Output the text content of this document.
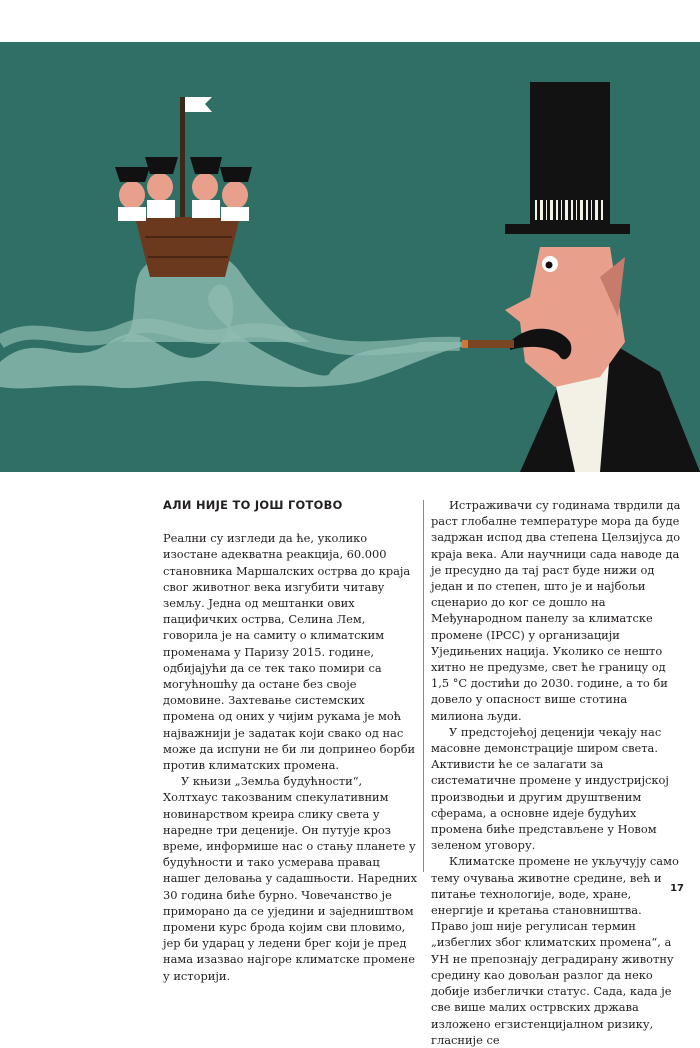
АЛИ НИЈЕ ТО ЈОШ ГОТОВО

Реални су изгледи да ће, уколико изостане адекватна реакција, 60.000 становника Маршалских острва до краја свог животног века изгубити читаву земљу. Једна од мештанки ових пацифичких острва, Селина Лем, говорила је на самиту о климатским променама у Паризу 2015. године, одбијајући да се тек тако помири са могућношћу да остане без своје домовине. Захтевање системских промена од оних у чијим рукама је моћ најважнији је задатак који свако од нас може да испуни не би ли допринео борби против климатских промена.

У књизи „Земља будућности“, Холтхаус такозваним спекулативним новинарством креира слику света у наредне три деценије. Он путује кроз време, информише нас о стању планете у будућности и тако усмерава правац нашег деловања у садашњости. Наредних 30 година биће бурно. Човечанство је приморано да се уједини и заједништвом промени курс брода којим сви пловимо, јер би ударац у ледени брег који је пред нама изазвао најгоре климатске промене у историји.

Истраживачи су годинама тврдили да раст глобалне температуре мора да буде задржан испод два степена Целзијуса до краја века. Али научници сада наводе да је пресудно да тај раст буде нижи од један и по степен, што је и најбољи сценарио до ког се дошло на Међународном панелу за климатске промене (IPCC) у организацији Уједињених нација. Уколико се нешто хитно не предузме, свет ће границу од 1,5 °С достићи до 2030. године, а то би довело у опасност више стотина милиона људи.

У предстојећој деценији чекају нас масовне демонстрације широм света. Активисти ће се залагати за систематичне промене у индустријској производњи и другим друштвеним сферама, а основне идеје будућих промена биће представљене у Новом зеленом уговору.

Климатске промене не укључују само тему очувања животне средине, већ и питање технологије, воде, хране, енергије и кретања становништва. Право још није регулисан термин „избеглих због климатских промена“, а УН не препознају деградирану животну средину као довољан разлог да неко добије избеглички статус. Сада, када је све више малих острвских држава изложено егзистенцијалном ризику, гласније се

17
